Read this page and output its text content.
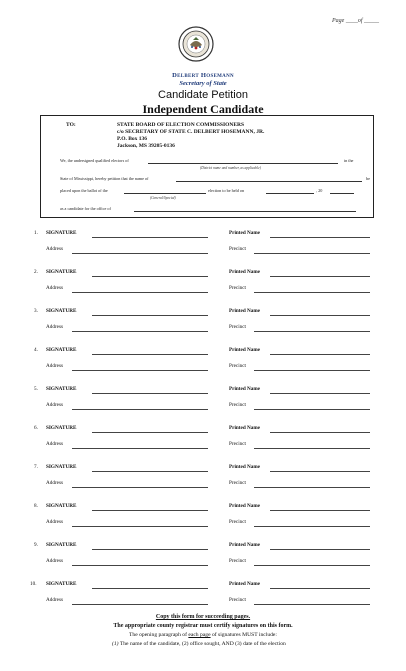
Page ____of _____
Delbert Hosemann
Secretary of State
Candidate Petition
Independent Candidate
TO:	STATE BOARD OF ELECTION COMMISSIONERS
c/o SECRETARY OF STATE C. DELBERT HOSEMANN, JR.
P.O. Box 136
Jackson, MS 39205-0136
We, the undersigned qualified electors of	in the
(District name and number, as applicable)
State of Mississippi, hereby petition that the name of	be
placed upon the ballot of the	election to be held on	, 20
(General/Special)
as a candidate for the office of
1. SIGNATURE	Printed Name
Address	Precinct
2. SIGNATURE	Printed Name
Address	Precinct
3. SIGNATURE	Printed Name
Address	Precinct
4. SIGNATURE	Printed Name
Address	Precinct
5. SIGNATURE	Printed Name
Address	Precinct
6. SIGNATURE	Printed Name
Address	Precinct
7. SIGNATURE	Printed Name
Address	Precinct
8. SIGNATURE	Printed Name
Address	Precinct
9. SIGNATURE	Printed Name
Address	Precinct
10. SIGNATURE	Printed Name
Address	Precinct
Copy this form for succeeding pages.
The appropriate county registrar must certify signatures on this form.
The opening paragraph of each page of signatures MUST include:
(1) The name of the candidate, (2) office sought, AND (3) date of the election
